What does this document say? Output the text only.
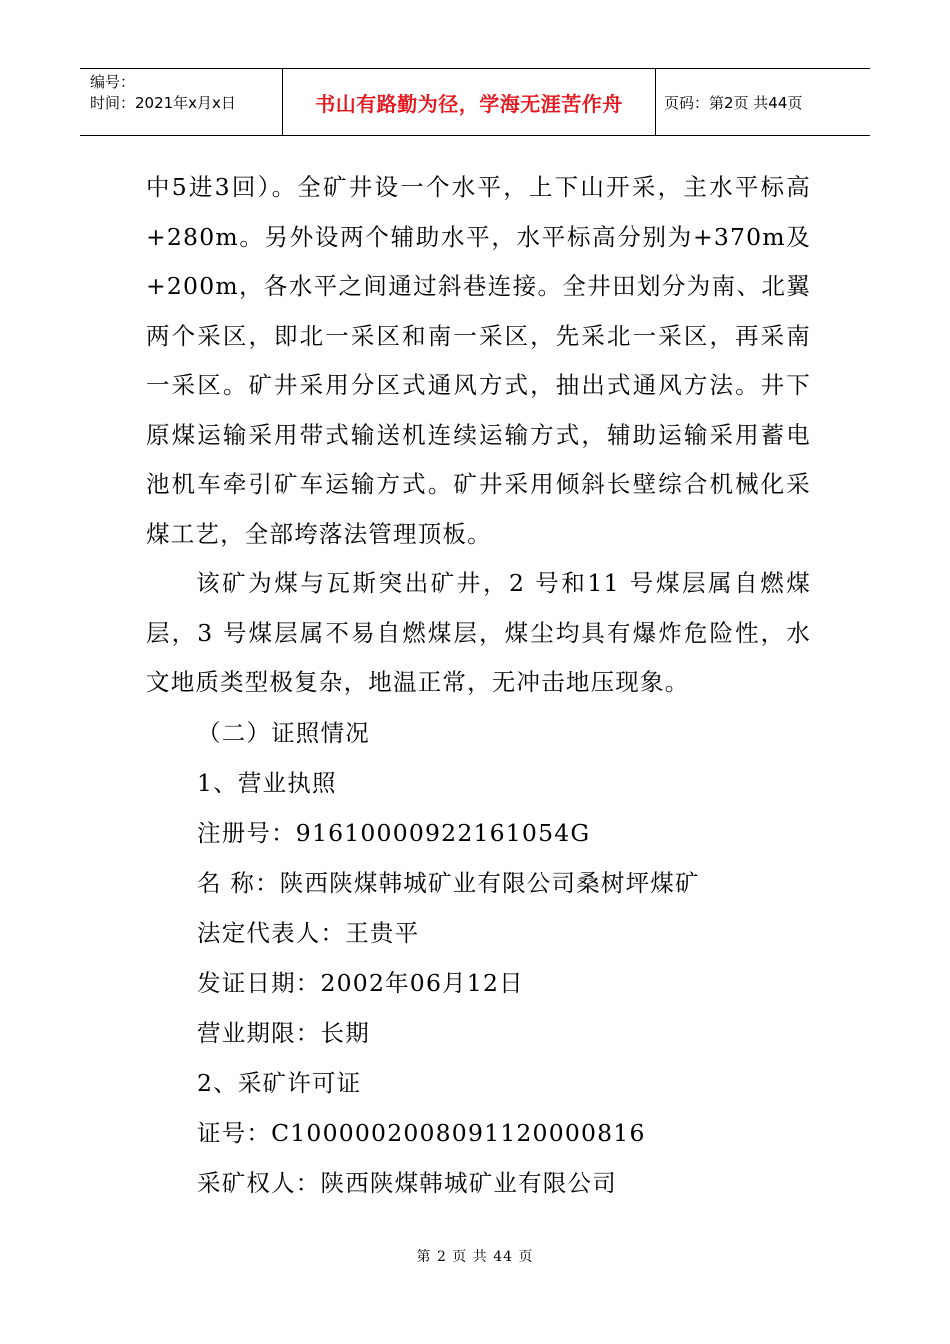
编号：
时间：2021年x月x日	书山有路勤为径，学海无涯苦作舟	页码：第2页 共44页

中5进3回）。全矿井设一个水平，上下山开采，主水平标高+280m。另外设两个辅助水平，水平标高分别为+370m及+200m，各水平之间通过斜巷连接。全井田划分为南、北翼两个采区，即北一采区和南一采区，先采北一采区，再采南一采区。矿井采用分区式通风方式，抽出式通风方法。井下原煤运输采用带式输送机连续运输方式，辅助运输采用蓄电池机车牵引矿车运输方式。矿井采用倾斜长壁综合机械化采煤工艺，全部垮落法管理顶板。

该矿为煤与瓦斯突出矿井，2 号和11 号煤层属自燃煤层，3 号煤层属不易自燃煤层，煤尘均具有爆炸危险性，水文地质类型极复杂，地温正常，无冲击地压现象。

（二）证照情况

1、营业执照

注册号：91610000922161054G

名 称：陕西陕煤韩城矿业有限公司桑树坪煤矿

法定代表人：王贵平

发证日期：2002年06月12日

营业期限：长期

2、采矿许可证

证号：C1000002008091120000816

采矿权人：陕西陕煤韩城矿业有限公司

第 2 页 共 44 页
